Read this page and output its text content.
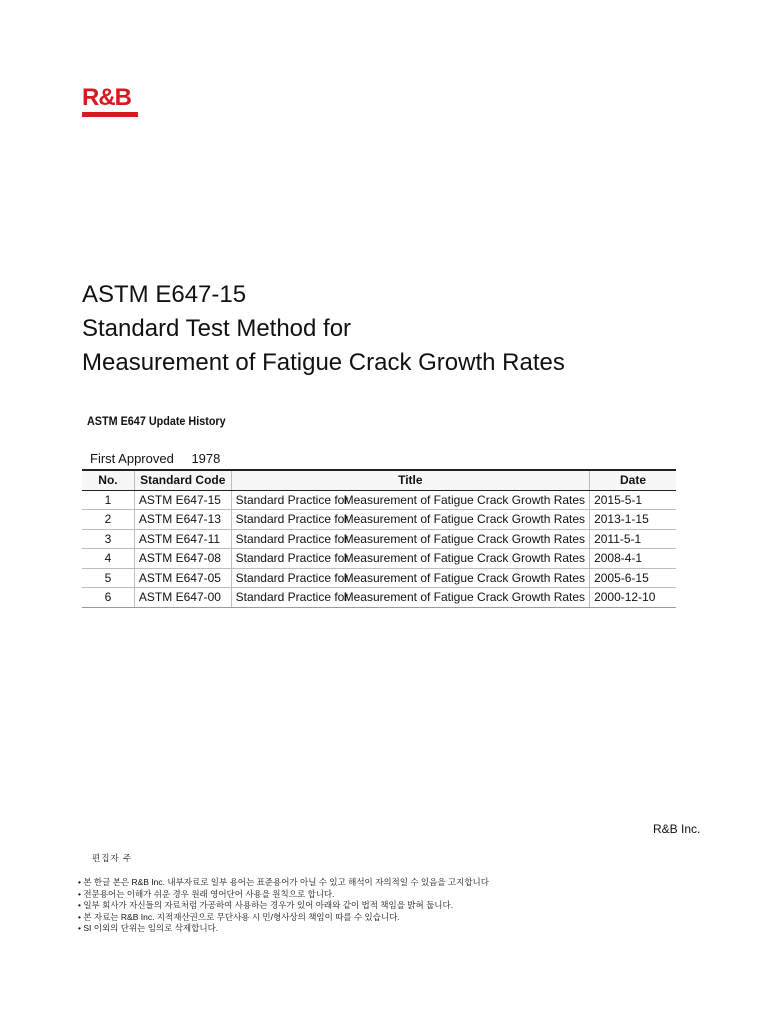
R&B
ASTM E647-15
Standard Test Method for
Measurement of Fatigue Crack Growth Rates
ASTM E647 Update History
First Approved 1978
No.	Standard Code	Title	Date
1	ASTM E647-15	Standard Practice forMeasurement of Fatigue Crack Growth Rates	2015-5-1
2	ASTM E647-13	Standard Practice forMeasurement of Fatigue Crack Growth Rates	2013-1-15
3	ASTM E647-11	Standard Practice forMeasurement of Fatigue Crack Growth Rates	2011-5-1
4	ASTM E647-08	Standard Practice forMeasurement of Fatigue Crack Growth Rates	2008-4-1
5	ASTM E647-05	Standard Practice forMeasurement of Fatigue Crack Growth Rates	2005-6-15
6	ASTM E647-00	Standard Practice forMeasurement of Fatigue Crack Growth Rates	2000-12-10
R&B Inc.
편집자 주
• 본 한글 본은 R&B Inc. 내부자료로 일부 용어는 표준용어가 아닐 수 있고 해석이 자의적일 수 있음을 고지합니다
• 전문용어는 이해가 쉬운 경우 원래 영어단어 사용을 원칙으로 합니다.
• 일부 회사가 자신들의 자료처럼 가공하여 사용하는 경우가 있어 아래와 같이 법적 책임을 밝혀 둡니다.
• 본 자료는 R&B Inc. 지적재산권으로 무단사용 시 민/형사상의 책임이 따를 수 있습니다.
• SI 이외의 단위는 임의로 삭제합니다.
